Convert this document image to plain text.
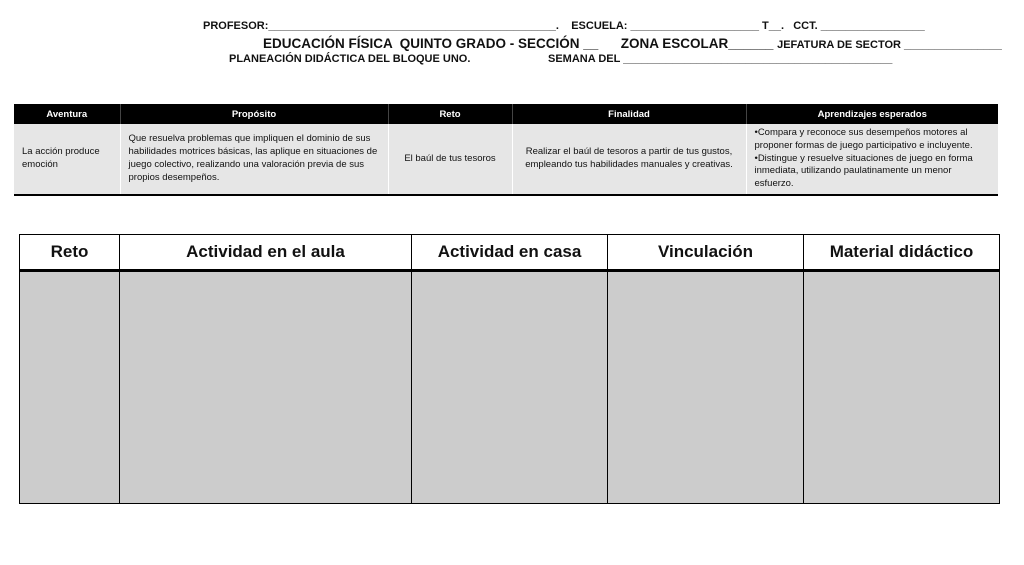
PROFESOR:_______________________________________________.    ESCUELA: _____________________ T__.   CCT. _________________
EDUCACIÓN FÍSICA  QUINTO GRADO - SECCIÓN __      ZONA ESCOLAR______ JEFATURA DE SECTOR ________________
PLANEACIÓN DIDÁCTICA DEL BLOQUE UNO.	SEMANA DEL ____________________________________________
Aventura	Propósito	Reto	Finalidad	Aprendizajes esperados
La acción produce emoción	Que resuelva problemas que impliquen el dominio de sus habilidades motrices básicas, las aplique en situaciones de juego colectivo, realizando una valoración previa de sus propios desempeños.	El baúl de tus tesoros	Realizar el baúl de tesoros a partir de tus gustos, empleando tus habilidades manuales y creativas.	•Compara y reconoce sus desempeños motores al proponer formas de juego participativo e incluyente.
•Distingue y resuelve situaciones de juego en forma inmediata, utilizando paulatinamente un menor esfuerzo.
Reto	Actividad en el aula	Actividad en casa	Vinculación	Material didáctico
